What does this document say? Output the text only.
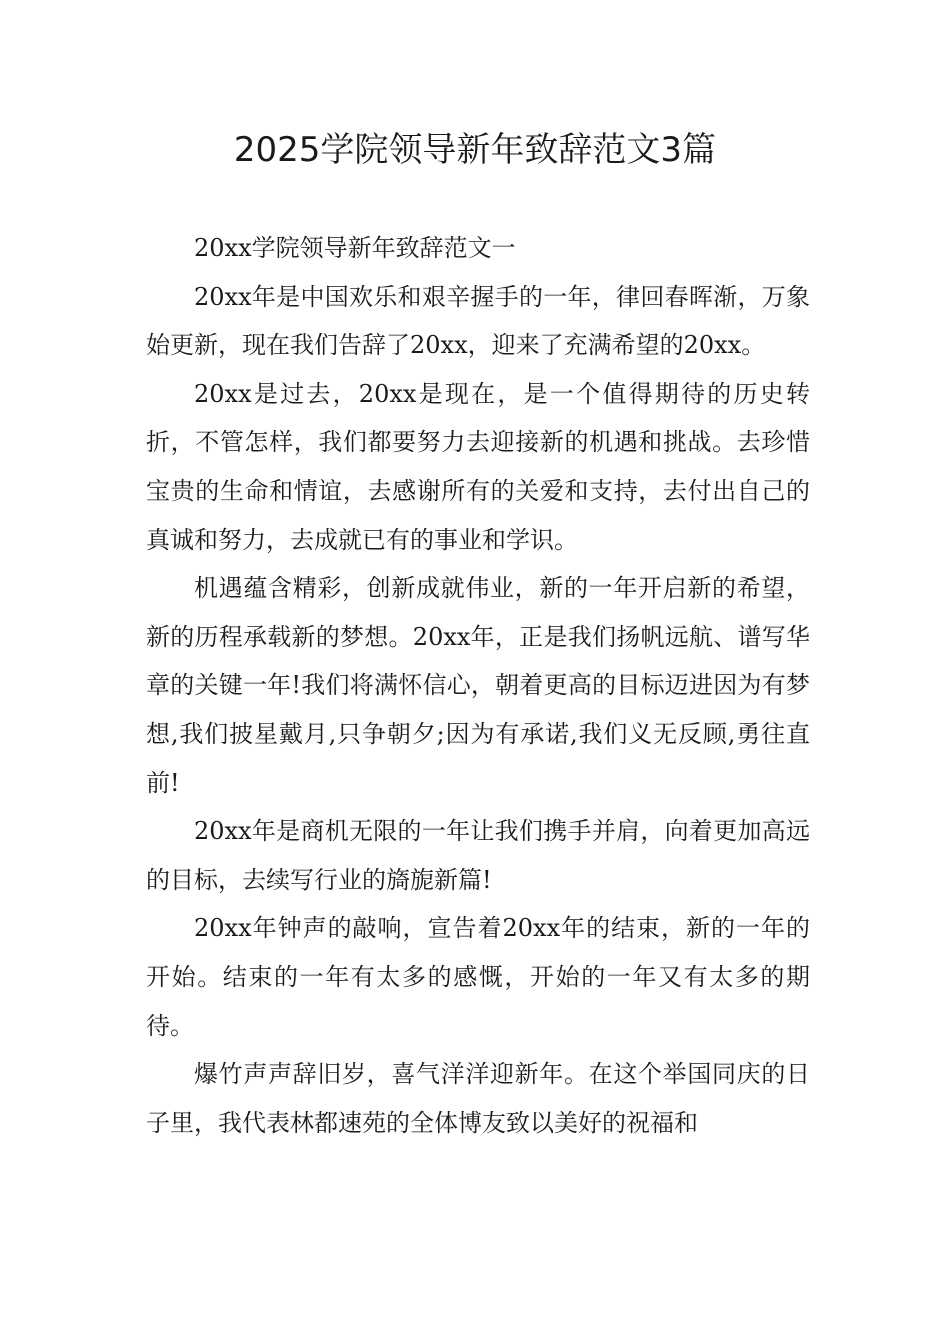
2025学院领导新年致辞范文3篇

20xx学院领导新年致辞范文一

20xx年是中国欢乐和艰辛握手的一年，律回春晖渐，万象始更新，现在我们告辞了20xx，迎来了充满希望的20xx。

20xx是过去，20xx是现在，是一个值得期待的历史转折，不管怎样，我们都要努力去迎接新的机遇和挑战。去珍惜宝贵的生命和情谊，去感谢所有的关爱和支持，去付出自己的真诚和努力，去成就已有的事业和学识。

机遇蕴含精彩，创新成就伟业，新的一年开启新的希望，新的历程承载新的梦想。20xx年，正是我们扬帆远航、谱写华章的关键一年!我们将满怀信心，朝着更高的目标迈进因为有梦想,我们披星戴月,只争朝夕;因为有承诺,我们义无反顾,勇往直前!

20xx年是商机无限的一年让我们携手并肩，向着更加高远的目标，去续写行业的旖旎新篇!

20xx年钟声的敲响，宣告着20xx年的结束，新的一年的开始。结束的一年有太多的感慨，开始的一年又有太多的期待。

爆竹声声辞旧岁，喜气洋洋迎新年。在这个举国同庆的日子里，我代表林都速苑的全体博友致以美好的祝福和
